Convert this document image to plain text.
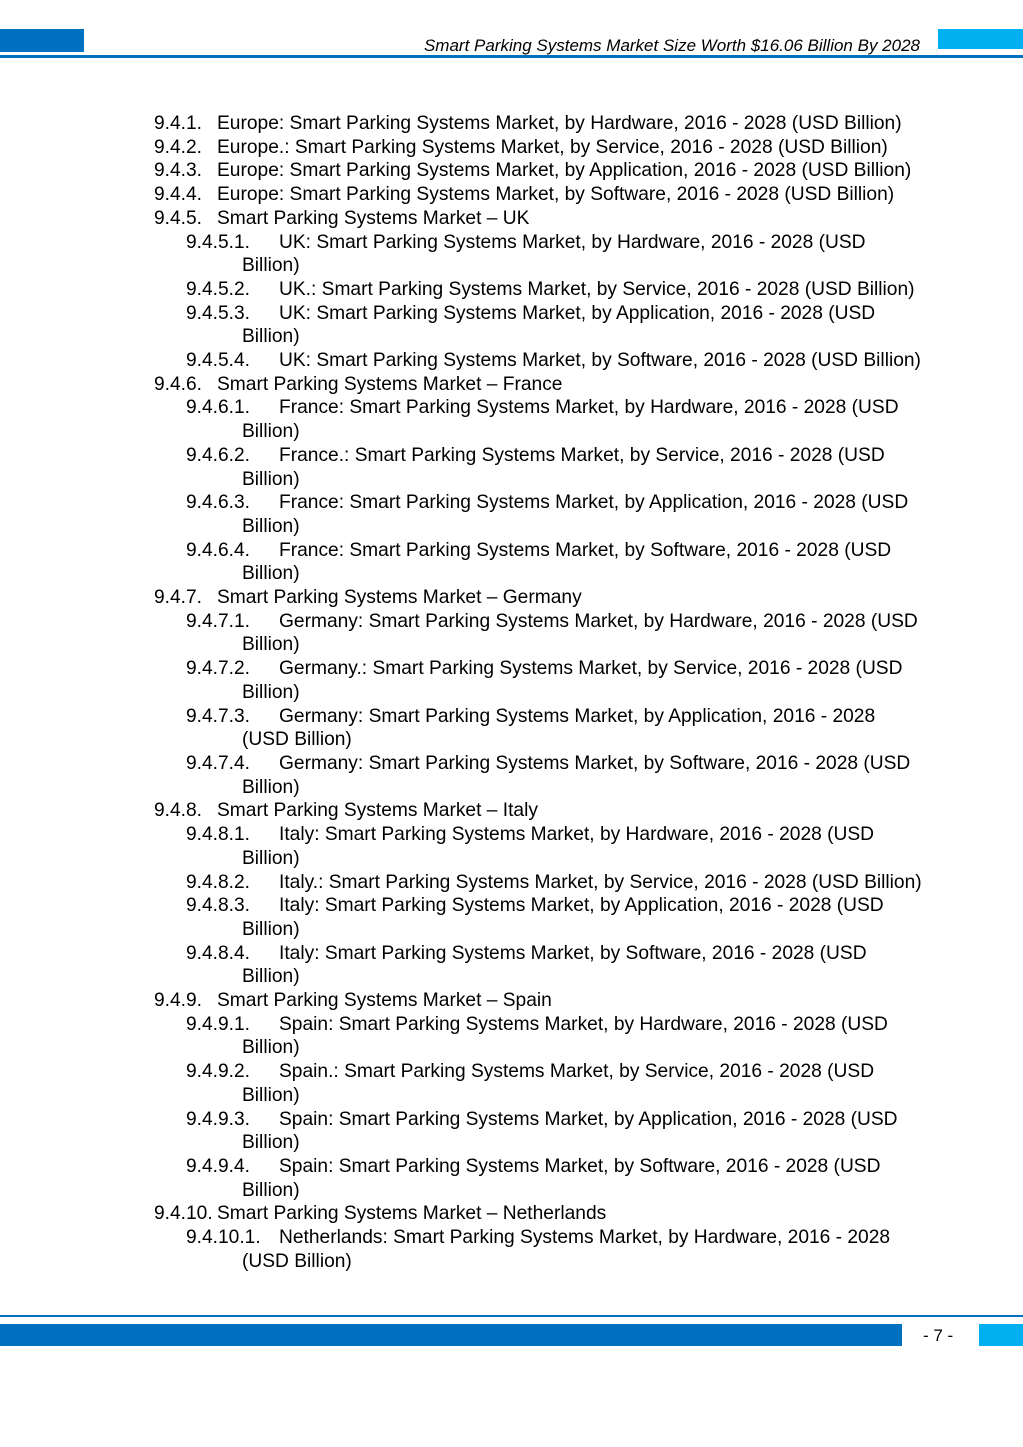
Smart Parking Systems Market Size Worth $16.06 Billion By 2028
9.4.1. Europe: Smart Parking Systems Market, by Hardware, 2016 - 2028 (USD Billion)
9.4.2. Europe.: Smart Parking Systems Market, by Service, 2016 - 2028 (USD Billion)
9.4.3. Europe: Smart Parking Systems Market, by Application, 2016 - 2028 (USD Billion)
9.4.4. Europe: Smart Parking Systems Market, by Software, 2016 - 2028 (USD Billion)
9.4.5. Smart Parking Systems Market – UK
9.4.5.1. UK: Smart Parking Systems Market, by Hardware, 2016 - 2028 (USD
Billion)
9.4.5.2. UK.: Smart Parking Systems Market, by Service, 2016 - 2028 (USD Billion)
9.4.5.3. UK: Smart Parking Systems Market, by Application, 2016 - 2028 (USD
Billion)
9.4.5.4. UK: Smart Parking Systems Market, by Software, 2016 - 2028 (USD Billion)
9.4.6. Smart Parking Systems Market – France
9.4.6.1. France: Smart Parking Systems Market, by Hardware, 2016 - 2028 (USD
Billion)
9.4.6.2. France.: Smart Parking Systems Market, by Service, 2016 - 2028 (USD
Billion)
9.4.6.3. France: Smart Parking Systems Market, by Application, 2016 - 2028 (USD
Billion)
9.4.6.4. France: Smart Parking Systems Market, by Software, 2016 - 2028 (USD
Billion)
9.4.7. Smart Parking Systems Market – Germany
9.4.7.1. Germany: Smart Parking Systems Market, by Hardware, 2016 - 2028 (USD
Billion)
9.4.7.2. Germany.: Smart Parking Systems Market, by Service, 2016 - 2028 (USD
Billion)
9.4.7.3. Germany: Smart Parking Systems Market, by Application, 2016 - 2028
(USD Billion)
9.4.7.4. Germany: Smart Parking Systems Market, by Software, 2016 - 2028 (USD
Billion)
9.4.8. Smart Parking Systems Market – Italy
9.4.8.1. Italy: Smart Parking Systems Market, by Hardware, 2016 - 2028 (USD
Billion)
9.4.8.2. Italy.: Smart Parking Systems Market, by Service, 2016 - 2028 (USD Billion)
9.4.8.3. Italy: Smart Parking Systems Market, by Application, 2016 - 2028 (USD
Billion)
9.4.8.4. Italy: Smart Parking Systems Market, by Software, 2016 - 2028 (USD
Billion)
9.4.9. Smart Parking Systems Market – Spain
9.4.9.1. Spain: Smart Parking Systems Market, by Hardware, 2016 - 2028 (USD
Billion)
9.4.9.2. Spain.: Smart Parking Systems Market, by Service, 2016 - 2028 (USD
Billion)
9.4.9.3. Spain: Smart Parking Systems Market, by Application, 2016 - 2028 (USD
Billion)
9.4.9.4. Spain: Smart Parking Systems Market, by Software, 2016 - 2028 (USD
Billion)
9.4.10. Smart Parking Systems Market – Netherlands
9.4.10.1. Netherlands: Smart Parking Systems Market, by Hardware, 2016 - 2028
(USD Billion)
- 7 -
